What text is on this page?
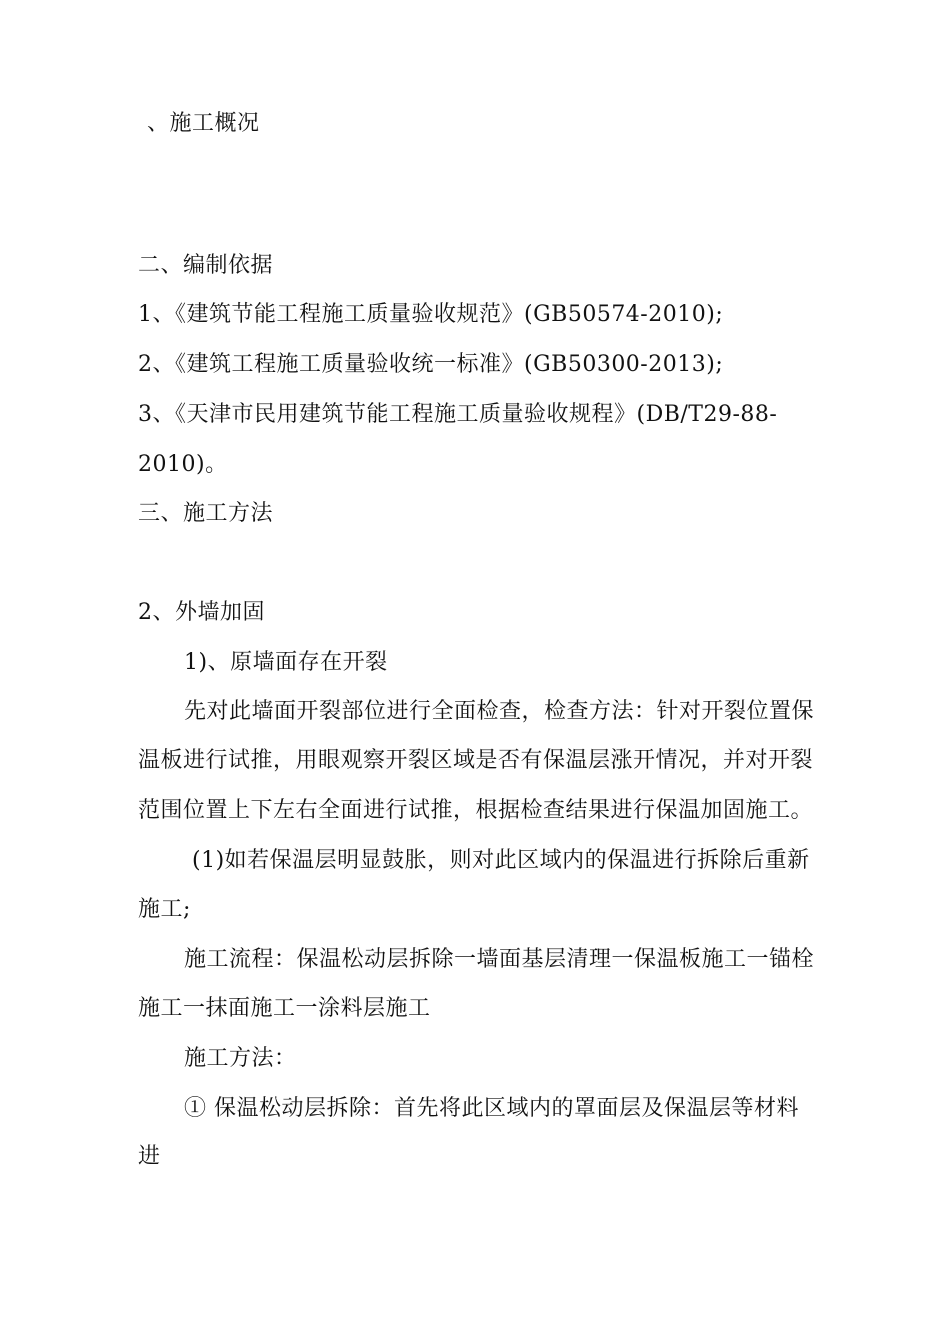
、施工概况
二、编制依据
1、《建筑节能工程施工质量验收规范》(GB50574-2010);
2、《建筑工程施工质量验收统一标准》(GB50300-2013);
3、《天津市民用建筑节能工程施工质量验收规程》(DB/T29-88-
2010)。
三、施工方法
2、外墙加固
1)、原墙面存在开裂
先对此墙面开裂部位进行全面检查，检查方法：针对开裂位置保
温板进行试推，用眼观察开裂区域是否有保温层涨开情况，并对开裂
范围位置上下左右全面进行试推，根据检查结果进行保温加固施工。
(1)如若保温层明显鼓胀，则对此区域内的保温进行拆除后重新
施工;
施工流程：保温松动层拆除一墙面基层清理一保温板施工一锚栓
施工一抹面施工一涂料层施工
施工方法：
① 保温松动层拆除：首先将此区域内的罩面层及保温层等材料
进
